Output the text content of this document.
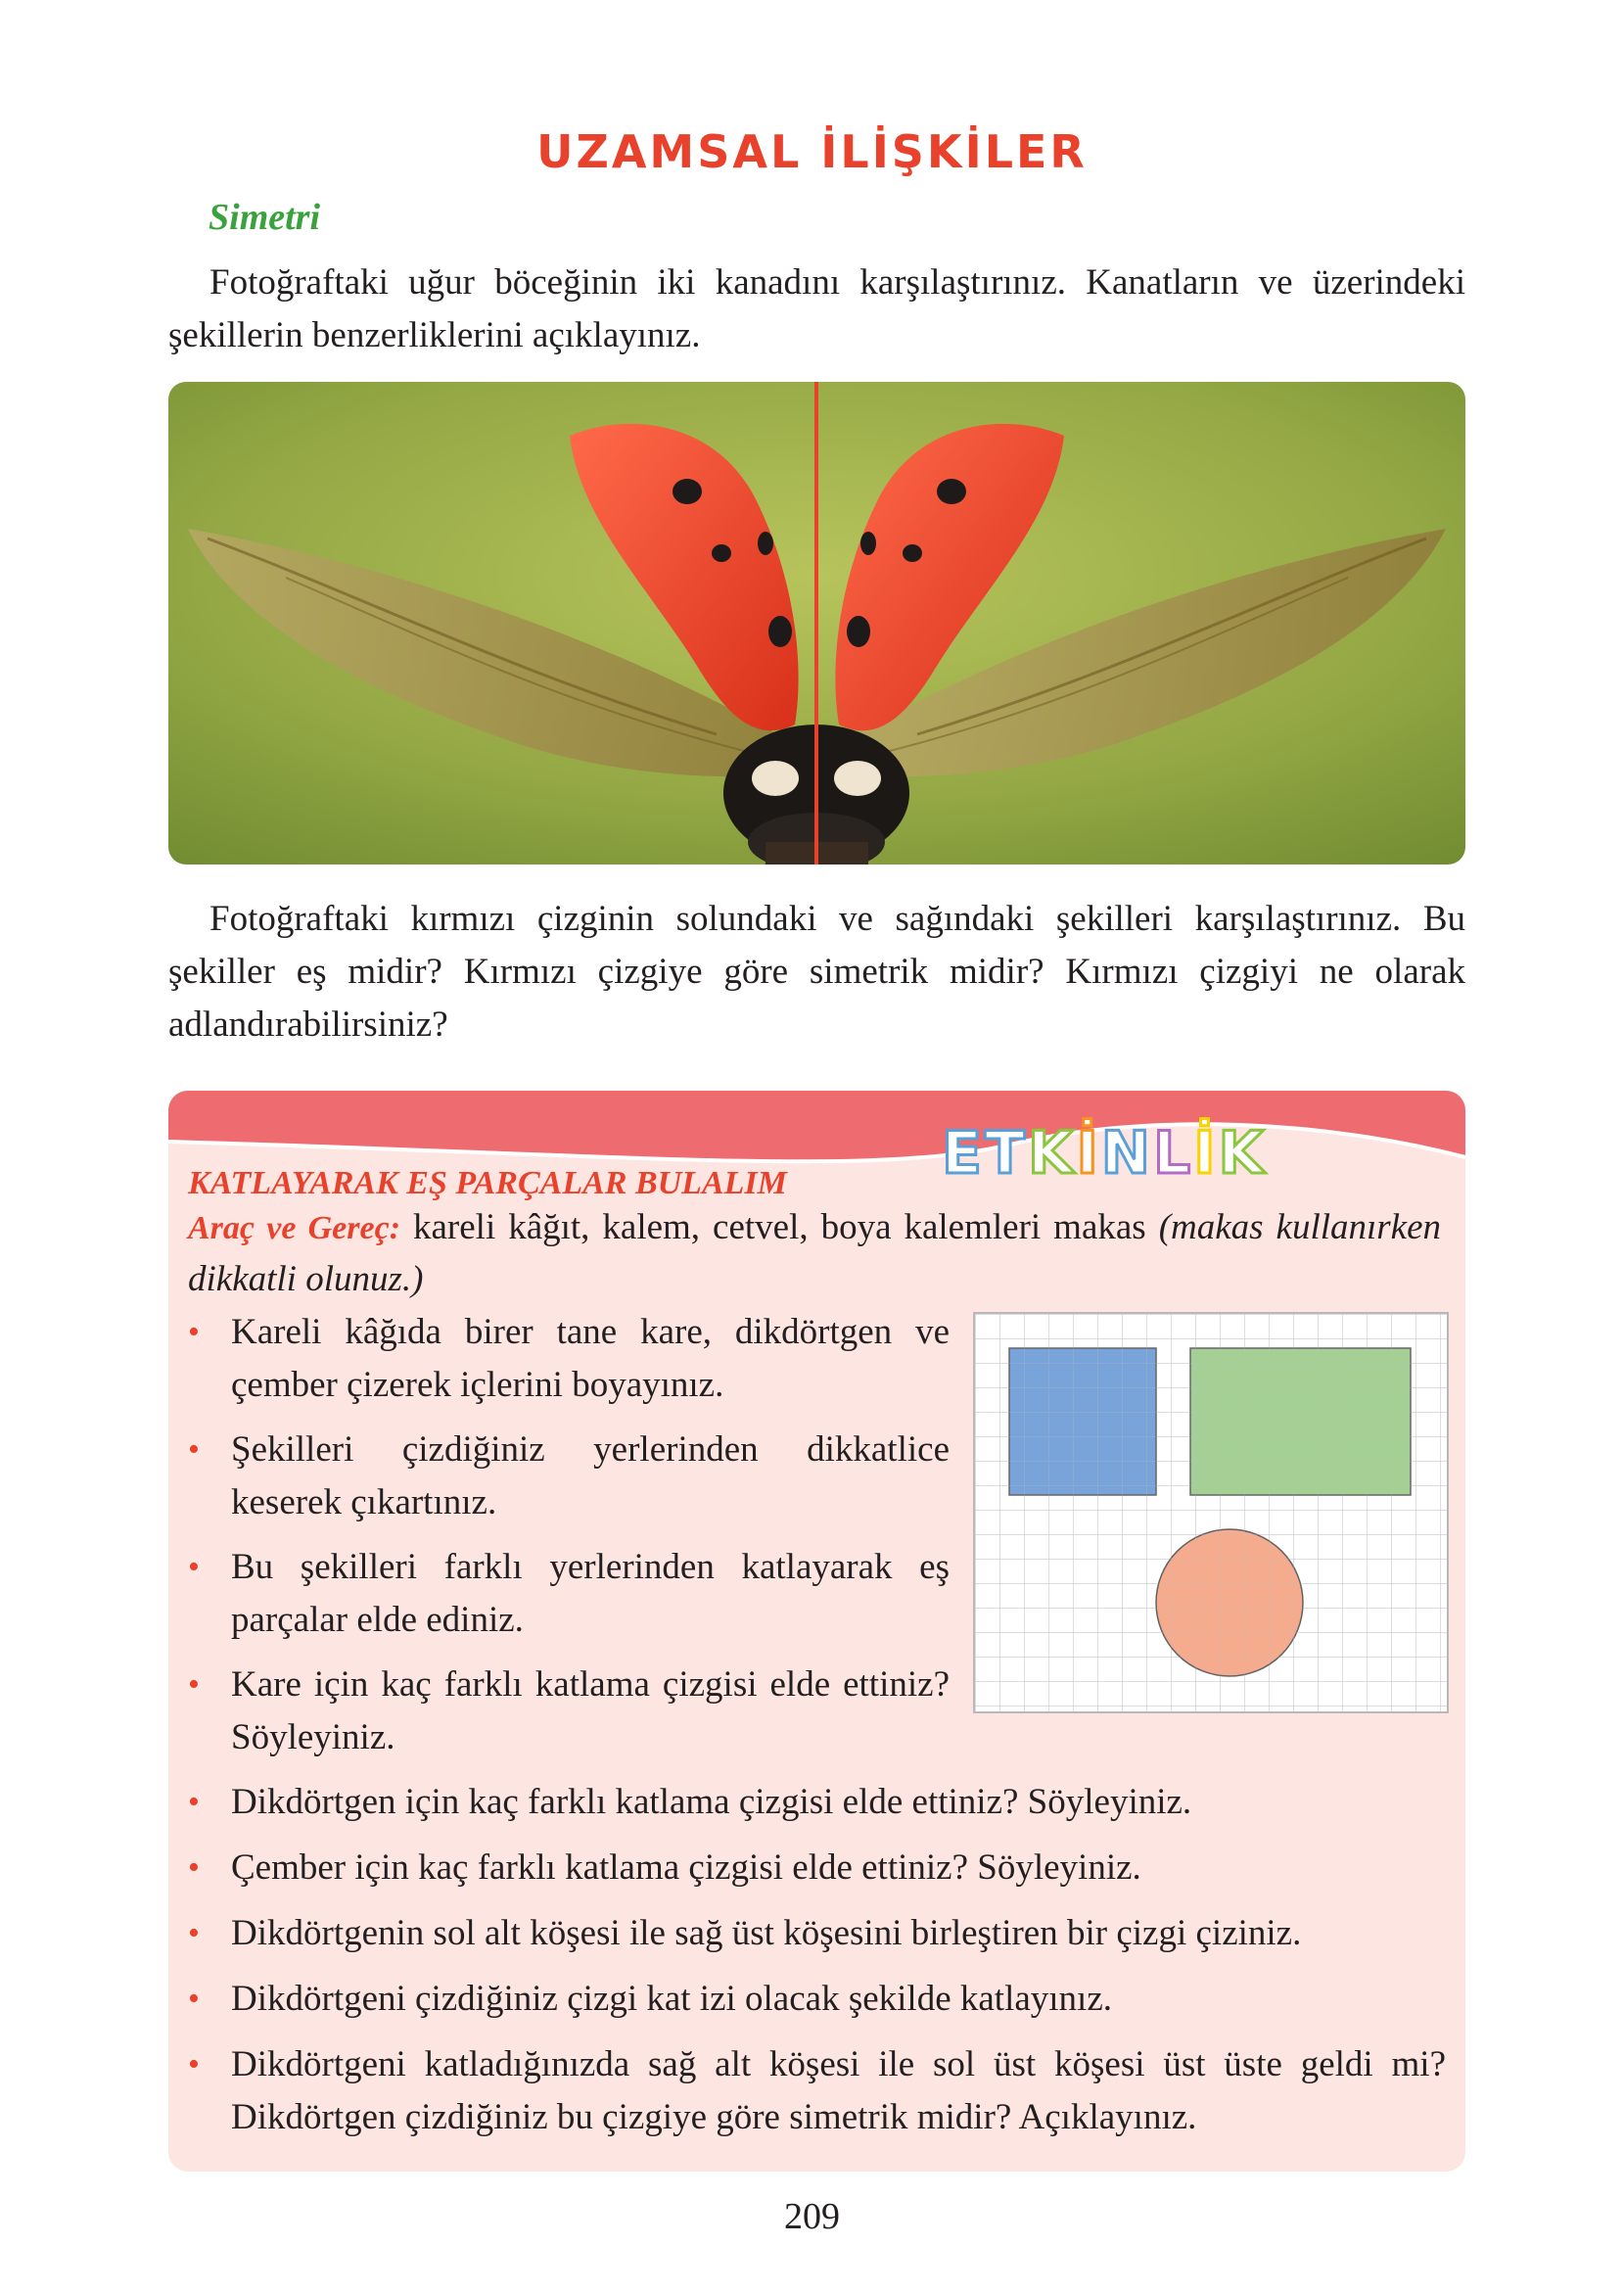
UZAMSAL İLİŞKİLER
Simetri
Fotoğraftaki uğur böceğinin iki kanadını karşılaştırınız. Kanatların ve üzerindeki şekillerin benzerliklerini açıklayınız.
Fotoğraftaki kırmızı çizginin solundaki ve sağındaki şekilleri karşılaştırınız. Bu şekiller eş midir? Kırmızı çizgiye göre simetrik midir? Kırmızı çizgiyi ne olarak adlandırabilirsiniz?
E T K İ N L İ K
KATLAYARAK EŞ PARÇALAR BULALIM
Araç ve Gereç: kareli kâğıt, kalem, cetvel, boya kalemleri makas (makas kullanırken dikkatli olunuz.)
• Kareli kâğıda birer tane kare, dikdörtgen ve çember çizerek içlerini boyayınız.
• Şekilleri çizdiğiniz yerlerinden dikkatlice keserek çıkartınız.
• Bu şekilleri farklı yerlerinden katlayarak eş parçalar elde ediniz.
• Kare için kaç farklı katlama çizgisi elde ettiniz? Söyleyiniz.
• Dikdörtgen için kaç farklı katlama çizgisi elde ettiniz? Söyleyiniz.
• Çember için kaç farklı katlama çizgisi elde ettiniz? Söyleyiniz.
• Dikdörtgenin sol alt köşesi ile sağ üst köşesini birleştiren bir çizgi çiziniz.
• Dikdörtgeni çizdiğiniz çizgi kat izi olacak şekilde katlayınız.
• Dikdörtgeni katladığınızda sağ alt köşesi ile sol üst köşesi üst üste geldi mi? Dikdörtgen çizdiğiniz bu çizgiye göre simetrik midir? Açıklayınız.
209
